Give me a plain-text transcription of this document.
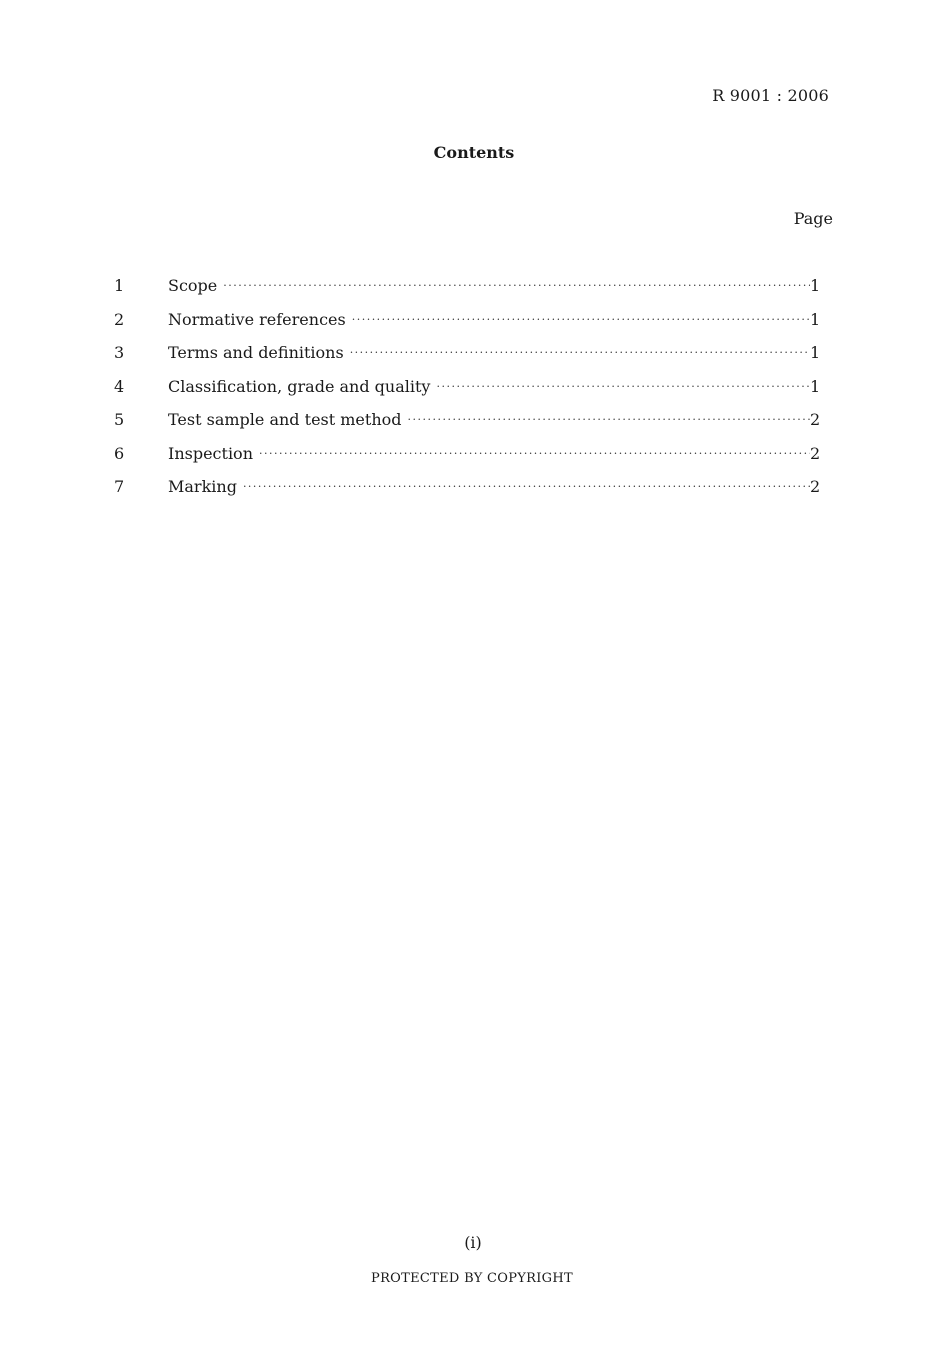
R 9001 : 2006
Contents
Page
1	Scope ·····	1
2	Normative references ·····	1
3	Terms and definitions ·····	1
4	Classification, grade and quality ·····	1
5	Test sample and test method ·····	2
6	Inspection ·····	2
7	Marking ·····	2
(i)
PROTECTED BY COPYRIGHT
